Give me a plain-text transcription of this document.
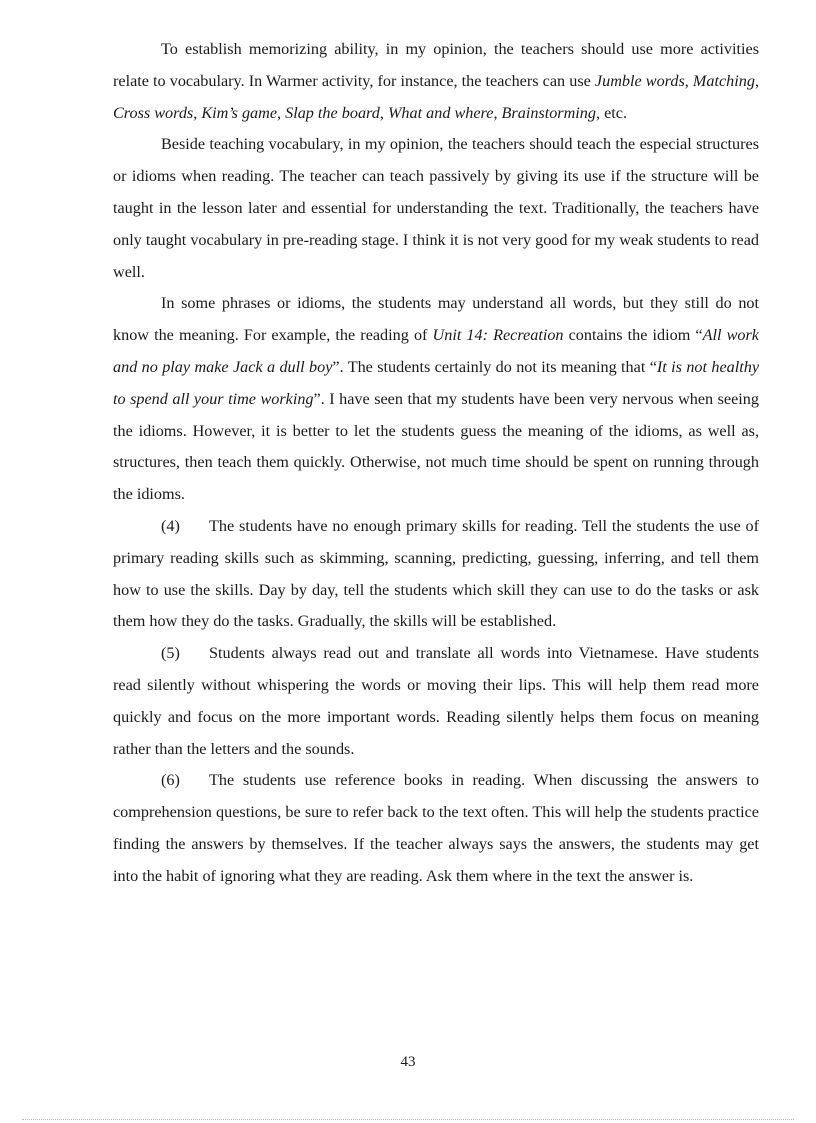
To establish memorizing ability, in my opinion, the teachers should use more activities relate to vocabulary. In Warmer activity, for instance, the teachers can use Jumble words, Matching, Cross words, Kim’s game, Slap the board, What and where, Brainstorming, etc.

Beside teaching vocabulary, in my opinion, the teachers should teach the especial structures or idioms when reading. The teacher can teach passively by giving its use if the structure will be taught in the lesson later and essential for understanding the text. Traditionally, the teachers have only taught vocabulary in pre-reading stage. I think it is not very good for my weak students to read well.

In some phrases or idioms, the students may understand all words, but they still do not know the meaning. For example, the reading of Unit 14: Recreation contains the idiom “All work and no play make Jack a dull boy”. The students certainly do not its meaning that “It is not healthy to spend all your time working”. I have seen that my students have been very nervous when seeing the idioms. However, it is better to let the students guess the meaning of the idioms, as well as, structures, then teach them quickly. Otherwise, not much time should be spent on running through the idioms.

(4) The students have no enough primary skills for reading. Tell the students the use of primary reading skills such as skimming, scanning, predicting, guessing, inferring, and tell them how to use the skills. Day by day, tell the students which skill they can use to do the tasks or ask them how they do the tasks. Gradually, the skills will be established.

(5) Students always read out and translate all words into Vietnamese. Have students read silently without whispering the words or moving their lips. This will help them read more quickly and focus on the more important words. Reading silently helps them focus on meaning rather than the letters and the sounds.

(6) The students use reference books in reading. When discussing the answers to comprehension questions, be sure to refer back to the text often. This will help the students practice finding the answers by themselves. If the teacher always says the answers, the students may get into the habit of ignoring what they are reading. Ask them where in the text the answer is.

43
